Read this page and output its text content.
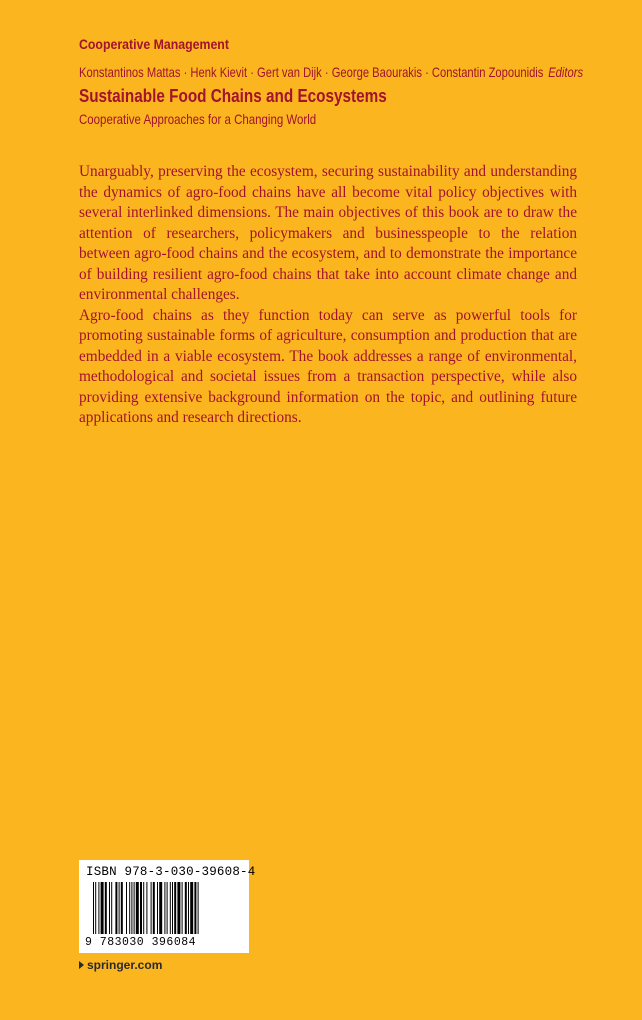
Cooperative Management
Konstantinos Mattas · Henk Kievit · Gert van Dijk · George Baourakis · Constantin Zopounidis Editors
Sustainable Food Chains and Ecosystems
Cooperative Approaches for a Changing World
Unarguably, preserving the ecosystem, securing sustainability and understanding the dynamics of agro-food chains have all become vital policy objectives with several interlinked dimensions. The main objectives of this book are to draw the attention of researchers, policymakers and businesspeople to the relation between agro-food chains and the ecosystem, and to demonstrate the importance of building resilient agro-food chains that take into account climate change and environmental challenges.
Agro-food chains as they function today can serve as powerful tools for promoting sustainable forms of agriculture, consumption and production that are embedded in a viable ecosystem. The book addresses a range of environmental, methodological and societal issues from a transaction perspective, while also providing extensive background information on the topic, and outlining future applications and research directions.
ISBN 978-3-030-39608-4
9 783030 396084
springer.com
